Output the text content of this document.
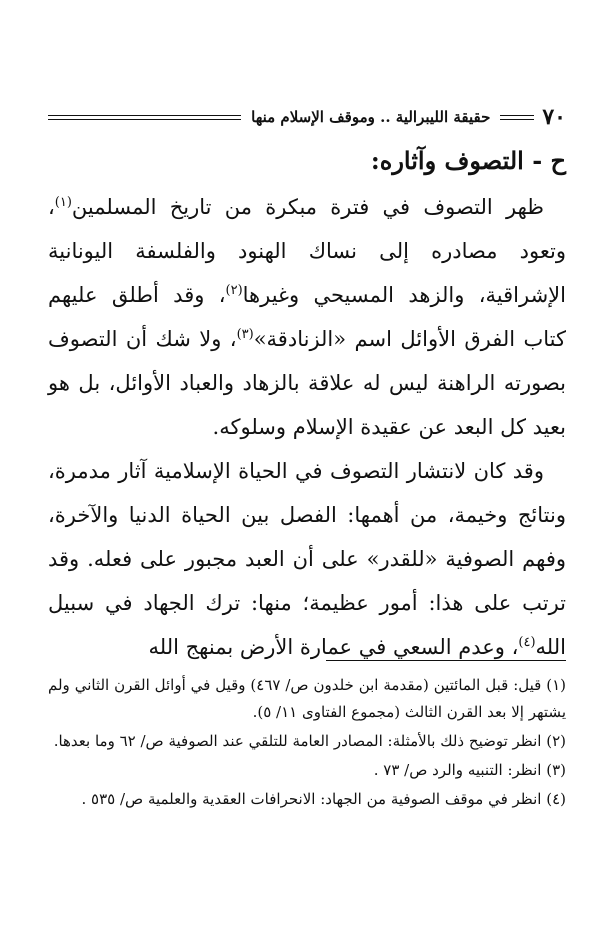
٧٠
حقيقة الليبرالية .. وموقف الإسلام منها
ح - التصوف وآثاره:

ظهر التصوف في فترة مبكرة من تاريخ المسلمين$^{(١)}$، وتعود مصادره إلى نساك الهنود والفلسفة اليونانية الإشراقية، والزهد المسيحي وغيرها$^{(٢)}$، وقد أطلق عليهم كتاب الفرق الأوائل اسم «الزنادقة»$^{(٣)}$، ولا شك أن التصوف بصورته الراهنة ليس له علاقة بالزهاد والعباد الأوائل، بل هو بعيد كل البعد عن عقيدة الإسلام وسلوكه.

وقد كان لانتشار التصوف في الحياة الإسلامية آثار مدمرة، ونتائج وخيمة، من أهمها: الفصل بين الحياة الدنيا والآخرة، وفهم الصوفية «للقدر» على أن العبد مجبور على فعله. وقد ترتب على هذا: أمور عظيمة؛ منها: ترك الجهاد في سبيل الله$^{(٤)}$، وعدم السعي في عمارة الأرض بمنهج الله

(١) قيل: قبل المائتين (مقدمة ابن خلدون ص/ ٤٦٧) وقيل في أوائل القرن الثاني ولم يشتهر إلا بعد القرن الثالث (مجموع الفتاوى ١١/ ٥).

(٢) انظر توضيح ذلك بالأمثلة: المصادر العامة للتلقي عند الصوفية ص/ ٦٢ وما بعدها.

(٣) انظر: التنبيه والرد ص/ ٧٣ .

(٤) انظر في موقف الصوفية من الجهاد: الانحرافات العقدية والعلمية ص/ ٥٣٥ .
